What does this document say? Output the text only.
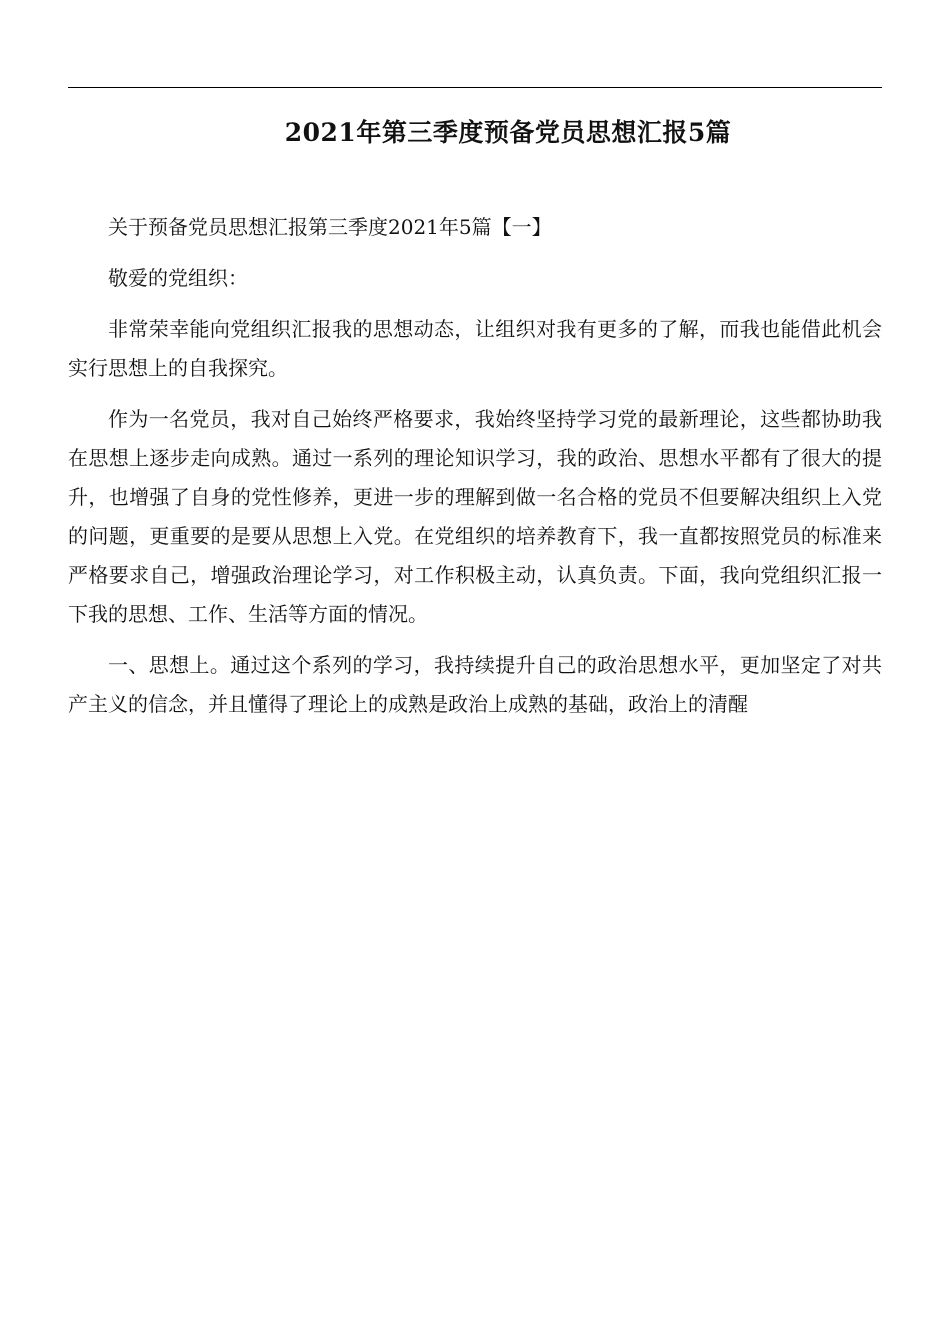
2021年第三季度预备党员思想汇报5篇

关于预备党员思想汇报第三季度2021年5篇【一】

敬爱的党组织：

非常荣幸能向党组织汇报我的思想动态，让组织对我有更多的了解，而我也能借此机会实行思想上的自我探究。

作为一名党员，我对自己始终严格要求，我始终坚持学习党的最新理论，这些都协助我在思想上逐步走向成熟。通过一系列的理论知识学习，我的政治、思想水平都有了很大的提升，也增强了自身的党性修养，更进一步的理解到做一名合格的党员不但要解决组织上入党的问题，更重要的是要从思想上入党。在党组织的培养教育下，我一直都按照党员的标准来严格要求自己，增强政治理论学习，对工作积极主动，认真负责。下面，我向党组织汇报一下我的思想、工作、生活等方面的情况。

一、思想上。通过这个系列的学习，我持续提升自己的政治思想水平，更加坚定了对共产主义的信念，并且懂得了理论上的成熟是政治上成熟的基础，政治上的清醒
